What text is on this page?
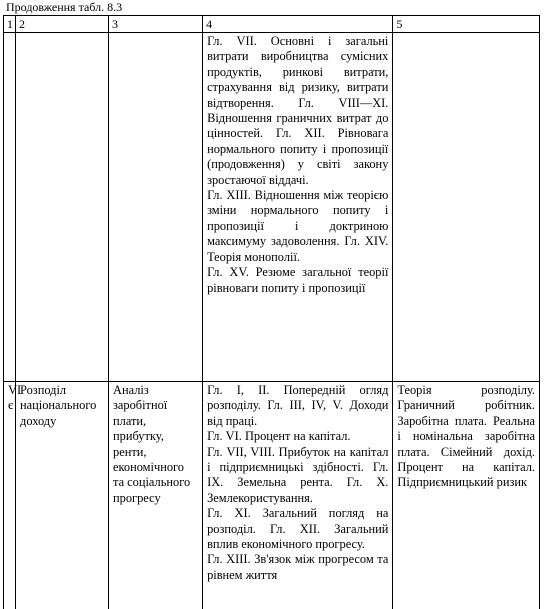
Продовження табл. 8.3
1	2	3	4	5

			Гл. VII. Основні і загальні витрати виробництва сумісних продуктів, ринкові витрати, страхування від ризику, витрати відтворення. Гл. VIII—XI. Відношення граничних витрат до цінностей. Гл. XII. Рівновага нормального попиту і пропозиції (продовження) у світі закону зростаючої віддачі.

Гл. XIII. Відношення між теорією зміни нормального попиту і пропозиції і доктриною максимуму задоволення. Гл. XIV. Теорія монополії.

Гл. XV. Резюме загальної теорії рівноваги попиту і пропозиції	

VI є	Розподіл національного доходу	Аналіз заробітної плати, прибутку, ренти, економічного та соціального прогресу	Гл. I, II. Попередній огляд розподілу. Гл. III, IV, V. Доходи від праці.

Гл. VI. Процент на капітал.

Гл. VII, VIII. Прибуток на капітал і підприємницькі здібності. Гл. IX. Земельна рента. Гл. X. Землекористування.

Гл. XI. Загальний погляд на розподіл. Гл. XII. Загальний вплив економічного прогресу.

Гл. XIII. Зв'язок між прогресом та рівнем життя	Теорія розподілу. Граничний робітник. Заробітна плата. Реальна і номінальна заробітна плата. Сімейний дохід. Процент на капітал. Підприємницький ризик
